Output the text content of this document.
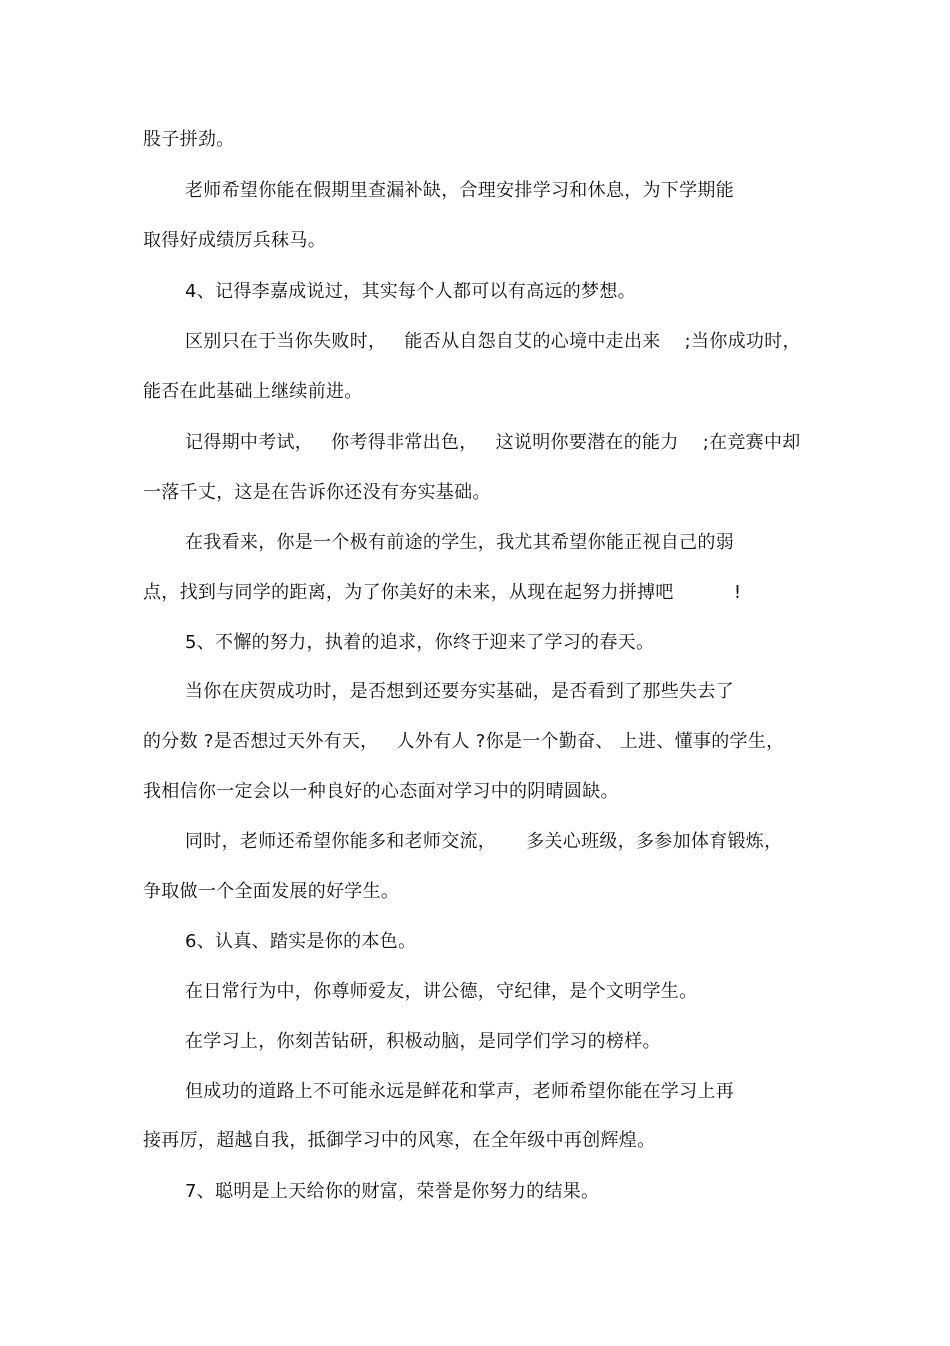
股子拼劲。
老师希望你能在假期里查漏补缺，合理安排学习和休息，为下学期能
取得好成绩厉兵秣马。
4、记得李嘉成说过，其实每个人都可以有高远的梦想。
区别只在于当你失败时，   能否从自怨自艾的心境中走出来    ;当你成功时，
能否在此基础上继续前进。
记得期中考试，   你考得非常出色，   这说明你要潜在的能力    ;在竞赛中却
一落千丈，这是在告诉你还没有夯实基础。
在我看来，你是一个极有前途的学生，我尤其希望你能正视自己的弱
点，找到与同学的距离，为了你美好的未来，从现在起努力拼搏吧          !
5、不懈的努力，执着的追求，你终于迎来了学习的春天。
当你在庆贺成功时，是否想到还要夯实基础，是否看到了那些失去了
的分数 ?是否想过天外有天，   人外有人 ?你是一个勤奋、 上进、懂事的学生，
我相信你一定会以一种良好的心态面对学习中的阴晴圆缺。
同时，老师还希望你能多和老师交流，     多关心班级，多参加体育锻炼，
争取做一个全面发展的好学生。
6、认真、踏实是你的本色。
在日常行为中，你尊师爱友，讲公德，守纪律，是个文明学生。
在学习上，你刻苦钻研，积极动脑，是同学们学习的榜样。
但成功的道路上不可能永远是鲜花和掌声，老师希望你能在学习上再
接再厉，超越自我，抵御学习中的风寒，在全年级中再创辉煌。
7、聪明是上天给你的财富，荣誉是你努力的结果。
